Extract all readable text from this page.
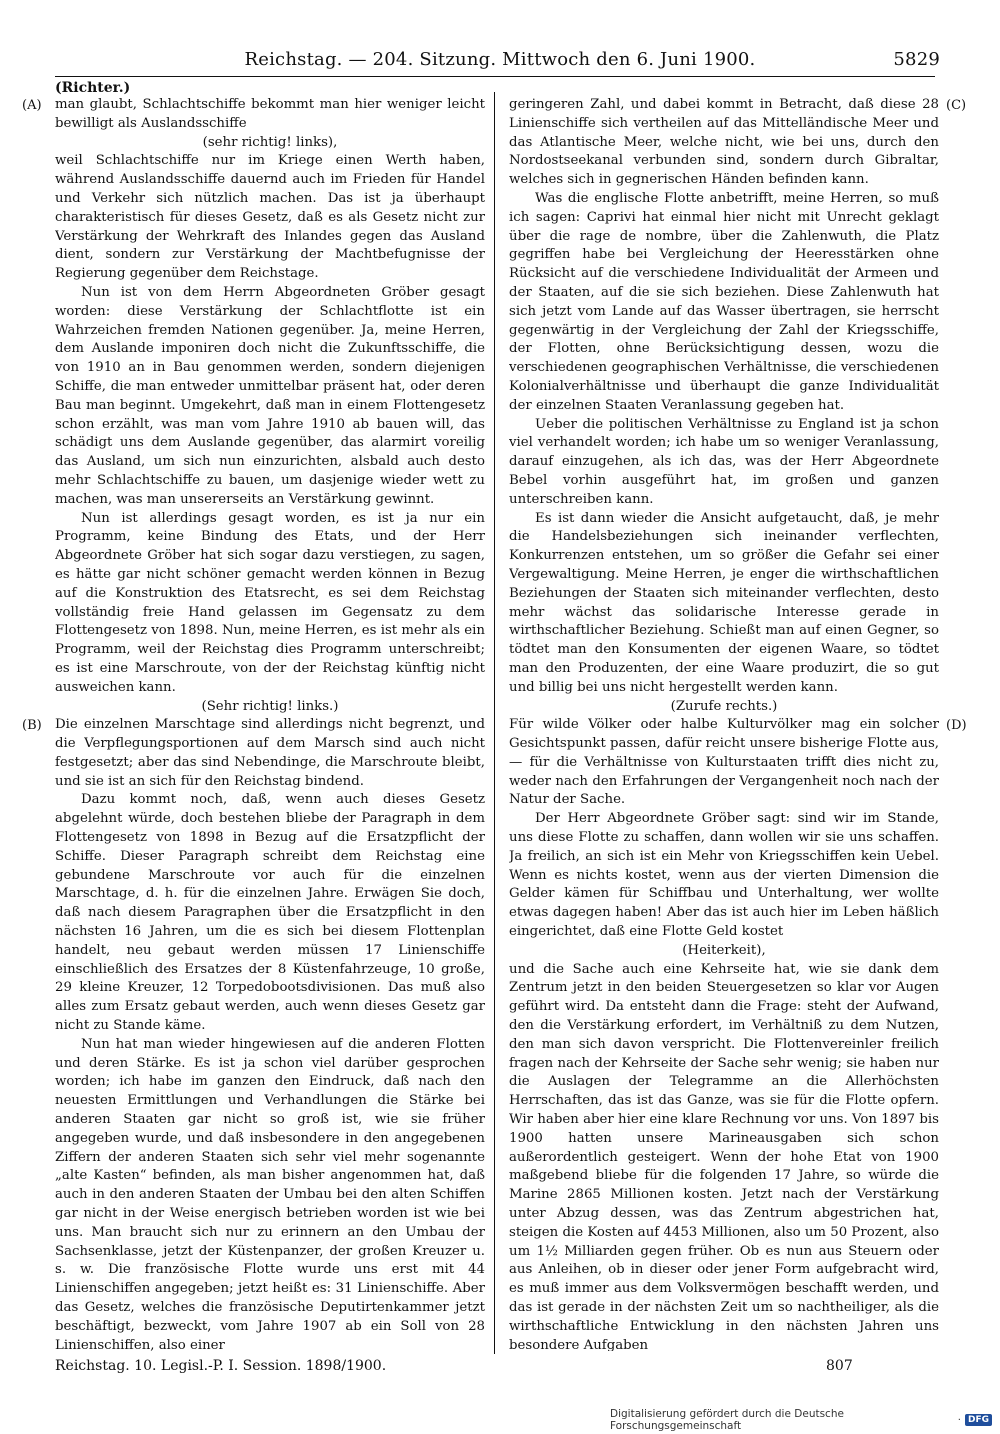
Reichstag. — 204. Sitzung. Mittwoch den 6. Juni 1900.	5829
(Richter.)
(A)
(B)
(C)
(D)

man glaubt, Schlachtschiffe bekommt man hier weniger leicht bewilligt als Auslandsschiffe

(sehr richtig! links),

weil Schlachtschiffe nur im Kriege einen Werth haben, während Auslandsschiffe dauernd auch im Frieden für Handel und Verkehr sich nützlich machen. Das ist ja überhaupt charakteristisch für dieses Gesetz, daß es als Gesetz nicht zur Verstärkung der Wehrkraft des Inlandes gegen das Ausland dient, sondern zur Verstärkung der Machtbefugnisse der Regierung gegenüber dem Reichstage.

Nun ist von dem Herrn Abgeordneten Gröber gesagt worden: diese Verstärkung der Schlachtflotte ist ein Wahrzeichen fremden Nationen gegenüber. Ja, meine Herren, dem Auslande imponiren doch nicht die Zukunftsschiffe, die von 1910 an in Bau genommen werden, sondern diejenigen Schiffe, die man entweder unmittelbar präsent hat, oder deren Bau man beginnt. Umgekehrt, daß man in einem Flottengesetz schon erzählt, was man vom Jahre 1910 ab bauen will, das schädigt uns dem Auslande gegenüber, das alarmirt voreilig das Ausland, um sich nun einzurichten, alsbald auch desto mehr Schlachtschiffe zu bauen, um dasjenige wieder wett zu machen, was man unsererseits an Verstärkung gewinnt.

Nun ist allerdings gesagt worden, es ist ja nur ein Programm, keine Bindung des Etats, und der Herr Abgeordnete Gröber hat sich sogar dazu verstiegen, zu sagen, es hätte gar nicht schöner gemacht werden können in Bezug auf die Konstruktion des Etatsrecht, es sei dem Reichstag vollständig freie Hand gelassen im Gegensatz zu dem Flottengesetz von 1898. Nun, meine Herren, es ist mehr als ein Programm, weil der Reichstag dies Programm unterschreibt; es ist eine Marschroute, von der der Reichstag künftig nicht ausweichen kann.

(Sehr richtig! links.)

Die einzelnen Marschtage sind allerdings nicht begrenzt, und die Verpflegungsportionen auf dem Marsch sind auch nicht festgesetzt; aber das sind Nebendinge, die Marschroute bleibt, und sie ist an sich für den Reichstag bindend.

Dazu kommt noch, daß, wenn auch dieses Gesetz abgelehnt würde, doch bestehen bliebe der Paragraph in dem Flottengesetz von 1898 in Bezug auf die Ersatzpflicht der Schiffe. Dieser Paragraph schreibt dem Reichstag eine gebundene Marschroute vor auch für die einzelnen Marschtage, d. h. für die einzelnen Jahre. Erwägen Sie doch, daß nach diesem Paragraphen über die Ersatzpflicht in den nächsten 16 Jahren, um die es sich bei diesem Flottenplan handelt, neu gebaut werden müssen 17 Linienschiffe einschließlich des Ersatzes der 8 Küstenfahrzeuge, 10 große, 29 kleine Kreuzer, 12 Torpedobootsdivisionen. Das muß also alles zum Ersatz gebaut werden, auch wenn dieses Gesetz gar nicht zu Stande käme.

Nun hat man wieder hingewiesen auf die anderen Flotten und deren Stärke. Es ist ja schon viel darüber gesprochen worden; ich habe im ganzen den Eindruck, daß nach den neuesten Ermittlungen und Verhandlungen die Stärke bei anderen Staaten gar nicht so groß ist, wie sie früher angegeben wurde, und daß insbesondere in den angegebenen Ziffern der anderen Staaten sich sehr viel mehr sogenannte „alte Kasten“ befinden, als man bisher angenommen hat, daß auch in den anderen Staaten der Umbau bei den alten Schiffen gar nicht in der Weise energisch betrieben worden ist wie bei uns. Man braucht sich nur zu erinnern an den Umbau der Sachsenklasse, jetzt der Küstenpanzer, der großen Kreuzer u. s. w. Die französische Flotte wurde uns erst mit 44 Linienschiffen angegeben; jetzt heißt es: 31 Linienschiffe. Aber das Gesetz, welches die französische Deputirtenkammer jetzt beschäftigt, bezweckt, vom Jahre 1907 ab ein Soll von 28 Linienschiffen, also einer

geringeren Zahl, und dabei kommt in Betracht, daß diese 28 Linienschiffe sich vertheilen auf das Mittelländische Meer und das Atlantische Meer, welche nicht, wie bei uns, durch den Nordostseekanal verbunden sind, sondern durch Gibraltar, welches sich in gegnerischen Händen befinden kann.

Was die englische Flotte anbetrifft, meine Herren, so muß ich sagen: Caprivi hat einmal hier nicht mit Unrecht geklagt über die rage de nombre, über die Zahlenwuth, die Platz gegriffen habe bei Vergleichung der Heeresstärken ohne Rücksicht auf die verschiedene Individualität der Armeen und der Staaten, auf die sie sich beziehen. Diese Zahlenwuth hat sich jetzt vom Lande auf das Wasser übertragen, sie herrscht gegenwärtig in der Vergleichung der Zahl der Kriegsschiffe, der Flotten, ohne Berücksichtigung dessen, wozu die verschiedenen geographischen Verhältnisse, die verschiedenen Kolonialverhältnisse und überhaupt die ganze Individualität der einzelnen Staaten Veranlassung gegeben hat.

Ueber die politischen Verhältnisse zu England ist ja schon viel verhandelt worden; ich habe um so weniger Veranlassung, darauf einzugehen, als ich das, was der Herr Abgeordnete Bebel vorhin ausgeführt hat, im großen und ganzen unterschreiben kann.

Es ist dann wieder die Ansicht aufgetaucht, daß, je mehr die Handelsbeziehungen sich ineinander verflechten, Konkurrenzen entstehen, um so größer die Gefahr sei einer Vergewaltigung. Meine Herren, je enger die wirthschaftlichen Beziehungen der Staaten sich miteinander verflechten, desto mehr wächst das solidarische Interesse gerade in wirthschaftlicher Beziehung. Schießt man auf einen Gegner, so tödtet man den Konsumenten der eigenen Waare, so tödtet man den Produzenten, der eine Waare produzirt, die so gut und billig bei uns nicht hergestellt werden kann.

(Zurufe rechts.)

Für wilde Völker oder halbe Kulturvölker mag ein solcher Gesichtspunkt passen, dafür reicht unsere bisherige Flotte aus, — für die Verhältnisse von Kulturstaaten trifft dies nicht zu, weder nach den Erfahrungen der Vergangenheit noch nach der Natur der Sache.

Der Herr Abgeordnete Gröber sagt: sind wir im Stande, uns diese Flotte zu schaffen, dann wollen wir sie uns schaffen. Ja freilich, an sich ist ein Mehr von Kriegsschiffen kein Uebel. Wenn es nichts kostet, wenn aus der vierten Dimension die Gelder kämen für Schiffbau und Unterhaltung, wer wollte etwas dagegen haben! Aber das ist auch hier im Leben häßlich eingerichtet, daß eine Flotte Geld kostet

(Heiterkeit),

und die Sache auch eine Kehrseite hat, wie sie dank dem Zentrum jetzt in den beiden Steuergesetzen so klar vor Augen geführt wird. Da entsteht dann die Frage: steht der Aufwand, den die Verstärkung erfordert, im Verhältniß zu dem Nutzen, den man sich davon verspricht. Die Flottenvereinler freilich fragen nach der Kehrseite der Sache sehr wenig; sie haben nur die Auslagen der Telegramme an die Allerhöchsten Herrschaften, das ist das Ganze, was sie für die Flotte opfern. Wir haben aber hier eine klare Rechnung vor uns. Von 1897 bis 1900 hatten unsere Marineausgaben sich schon außerordentlich gesteigert. Wenn der hohe Etat von 1900 maßgebend bliebe für die folgenden 17 Jahre, so würde die Marine 2865 Millionen kosten. Jetzt nach der Verstärkung unter Abzug dessen, was das Zentrum abgestrichen hat, steigen die Kosten auf 4453 Millionen, also um 50 Prozent, also um 1½ Milliarden gegen früher. Ob es nun aus Steuern oder aus Anleihen, ob in dieser oder jener Form aufgebracht wird, es muß immer aus dem Volksvermögen beschafft werden, und das ist gerade in der nächsten Zeit um so nachtheiliger, als die wirthschaftliche Entwicklung in den nächsten Jahren uns besondere Aufgaben

Reichstag. 10. Legisl.-P. I. Session. 1898/1900.	807
Digitalisierung gefördert durch die Deutsche Forschungsgemeinschaft	· DFG
